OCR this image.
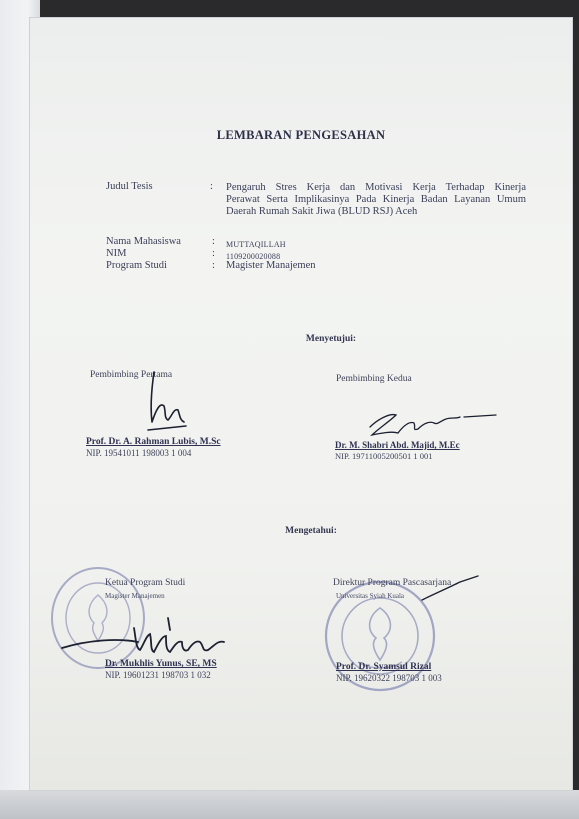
LEMBARAN PENGESAHAN
Judul Tesis	: Pengaruh Stres Kerja dan Motivasi Kerja Terhadap Kinerja
Perawat Serta Implikasinya Pada Kinerja Badan Layanan Umum
Daerah Rumah Sakit Jiwa (BLUD RSJ) Aceh
Nama Mahasiswa	: MUTTAQILLAH
NIM	: 1109200020088
Program Studi	: Magister Manajemen
Menyetujui:
Pembimbing Pertama
Prof. Dr. A. Rahman Lubis, M.Sc
NIP. 19541011 198003 1 004
Pembimbing Kedua
Dr. M. Shabri Abd. Majid, M.Ec
NIP. 19711005200501 1 001
Mengetahui:
Ketua Program Studi
Magister Manajemen
Dr. Mukhlis Yunus, SE, MS
NIP. 19601231 198703 1 032
Direktur Program Pascasarjana
Universitas Syiah Kuala
Prof. Dr. Syamsul Rizal
NIP. 19620322 198703 1 003
